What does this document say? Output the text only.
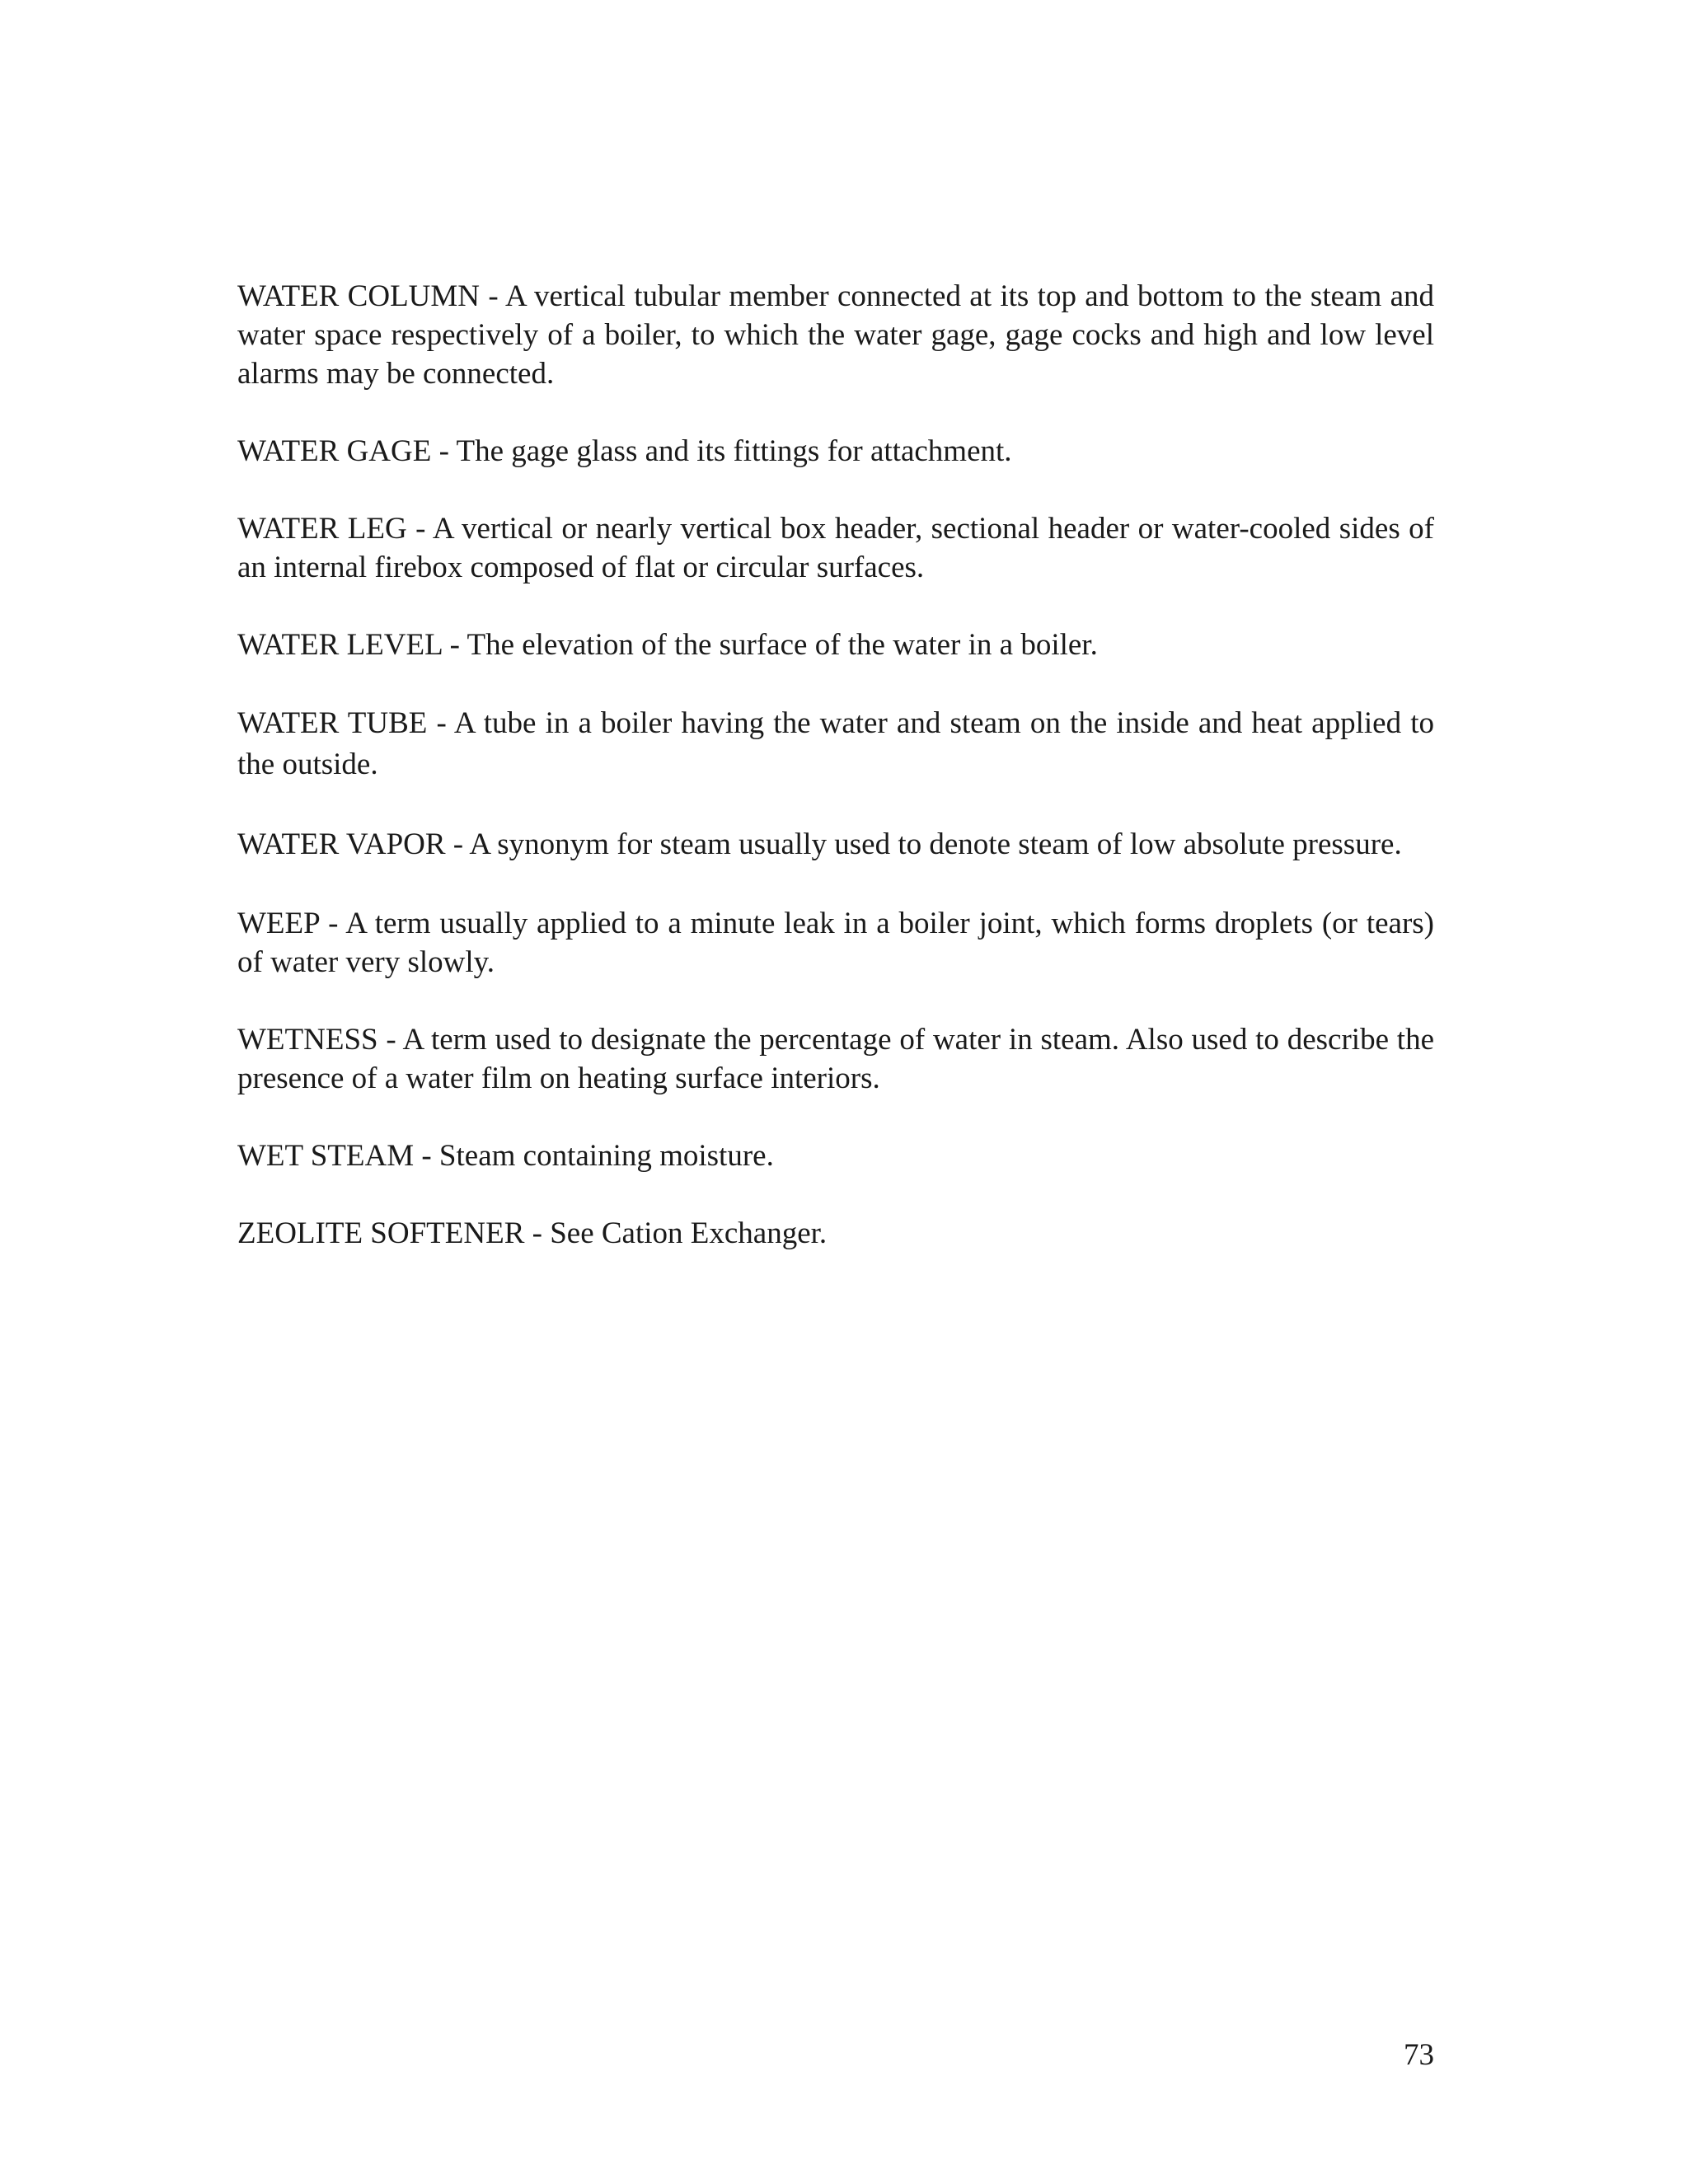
WATER COLUMN - A vertical tubular member connected at its top and bottom to the steam and water space respectively of a boiler, to which the water gage, gage cocks and high and low level alarms may be connected.

WATER GAGE - The gage glass and its fittings for attachment.

WATER LEG - A vertical or nearly vertical box header, sectional header or water-cooled sides of an internal firebox composed of flat or circular surfaces.

WATER LEVEL - The elevation of the surface of the water in a boiler.

WATER TUBE - A tube in a boiler having the water and steam on the inside and heat applied to the outside.

WATER VAPOR - A synonym for steam usually used to denote steam of low absolute pressure.

WEEP - A term usually applied to a minute leak in a boiler joint, which forms droplets (or tears) of water very slowly.

WETNESS - A term used to designate the percentage of water in steam. Also used to describe the presence of a water film on heating surface interiors.

WET STEAM - Steam containing moisture.

ZEOLITE SOFTENER - See Cation Exchanger.

73
